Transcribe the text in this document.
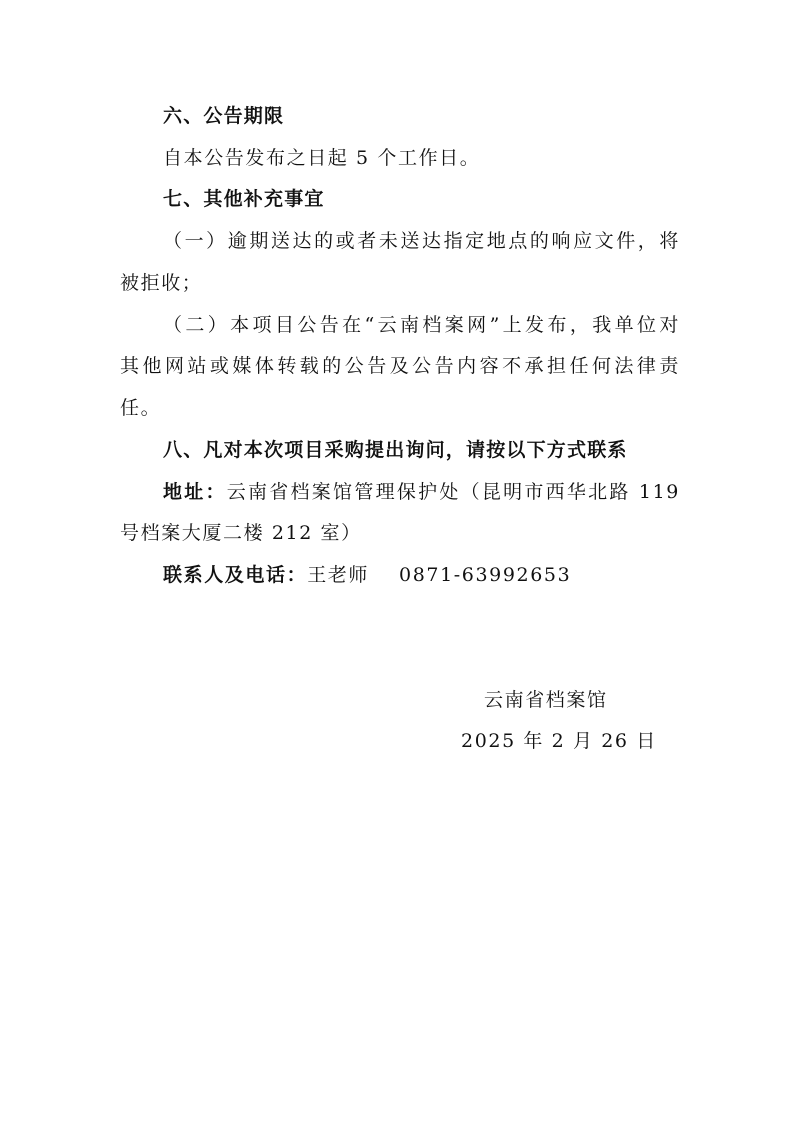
六、公告期限
自本公告发布之日起 5 个工作日。
七、其他补充事宜
（一）逾期送达的或者未送达指定地点的响应文件，将
被拒收；
（二）本项目公告在“云南档案网”上发布，我单位对
其他网站或媒体转载的公告及公告内容不承担任何法律责
任。
八、凡对本次项目采购提出询问，请按以下方式联系
地址：云南省档案馆管理保护处（昆明市西华北路 119
号档案大厦二楼 212 室）
联系人及电话：王老师 0871-63992653
云南省档案馆
2025 年 2 月 26 日
